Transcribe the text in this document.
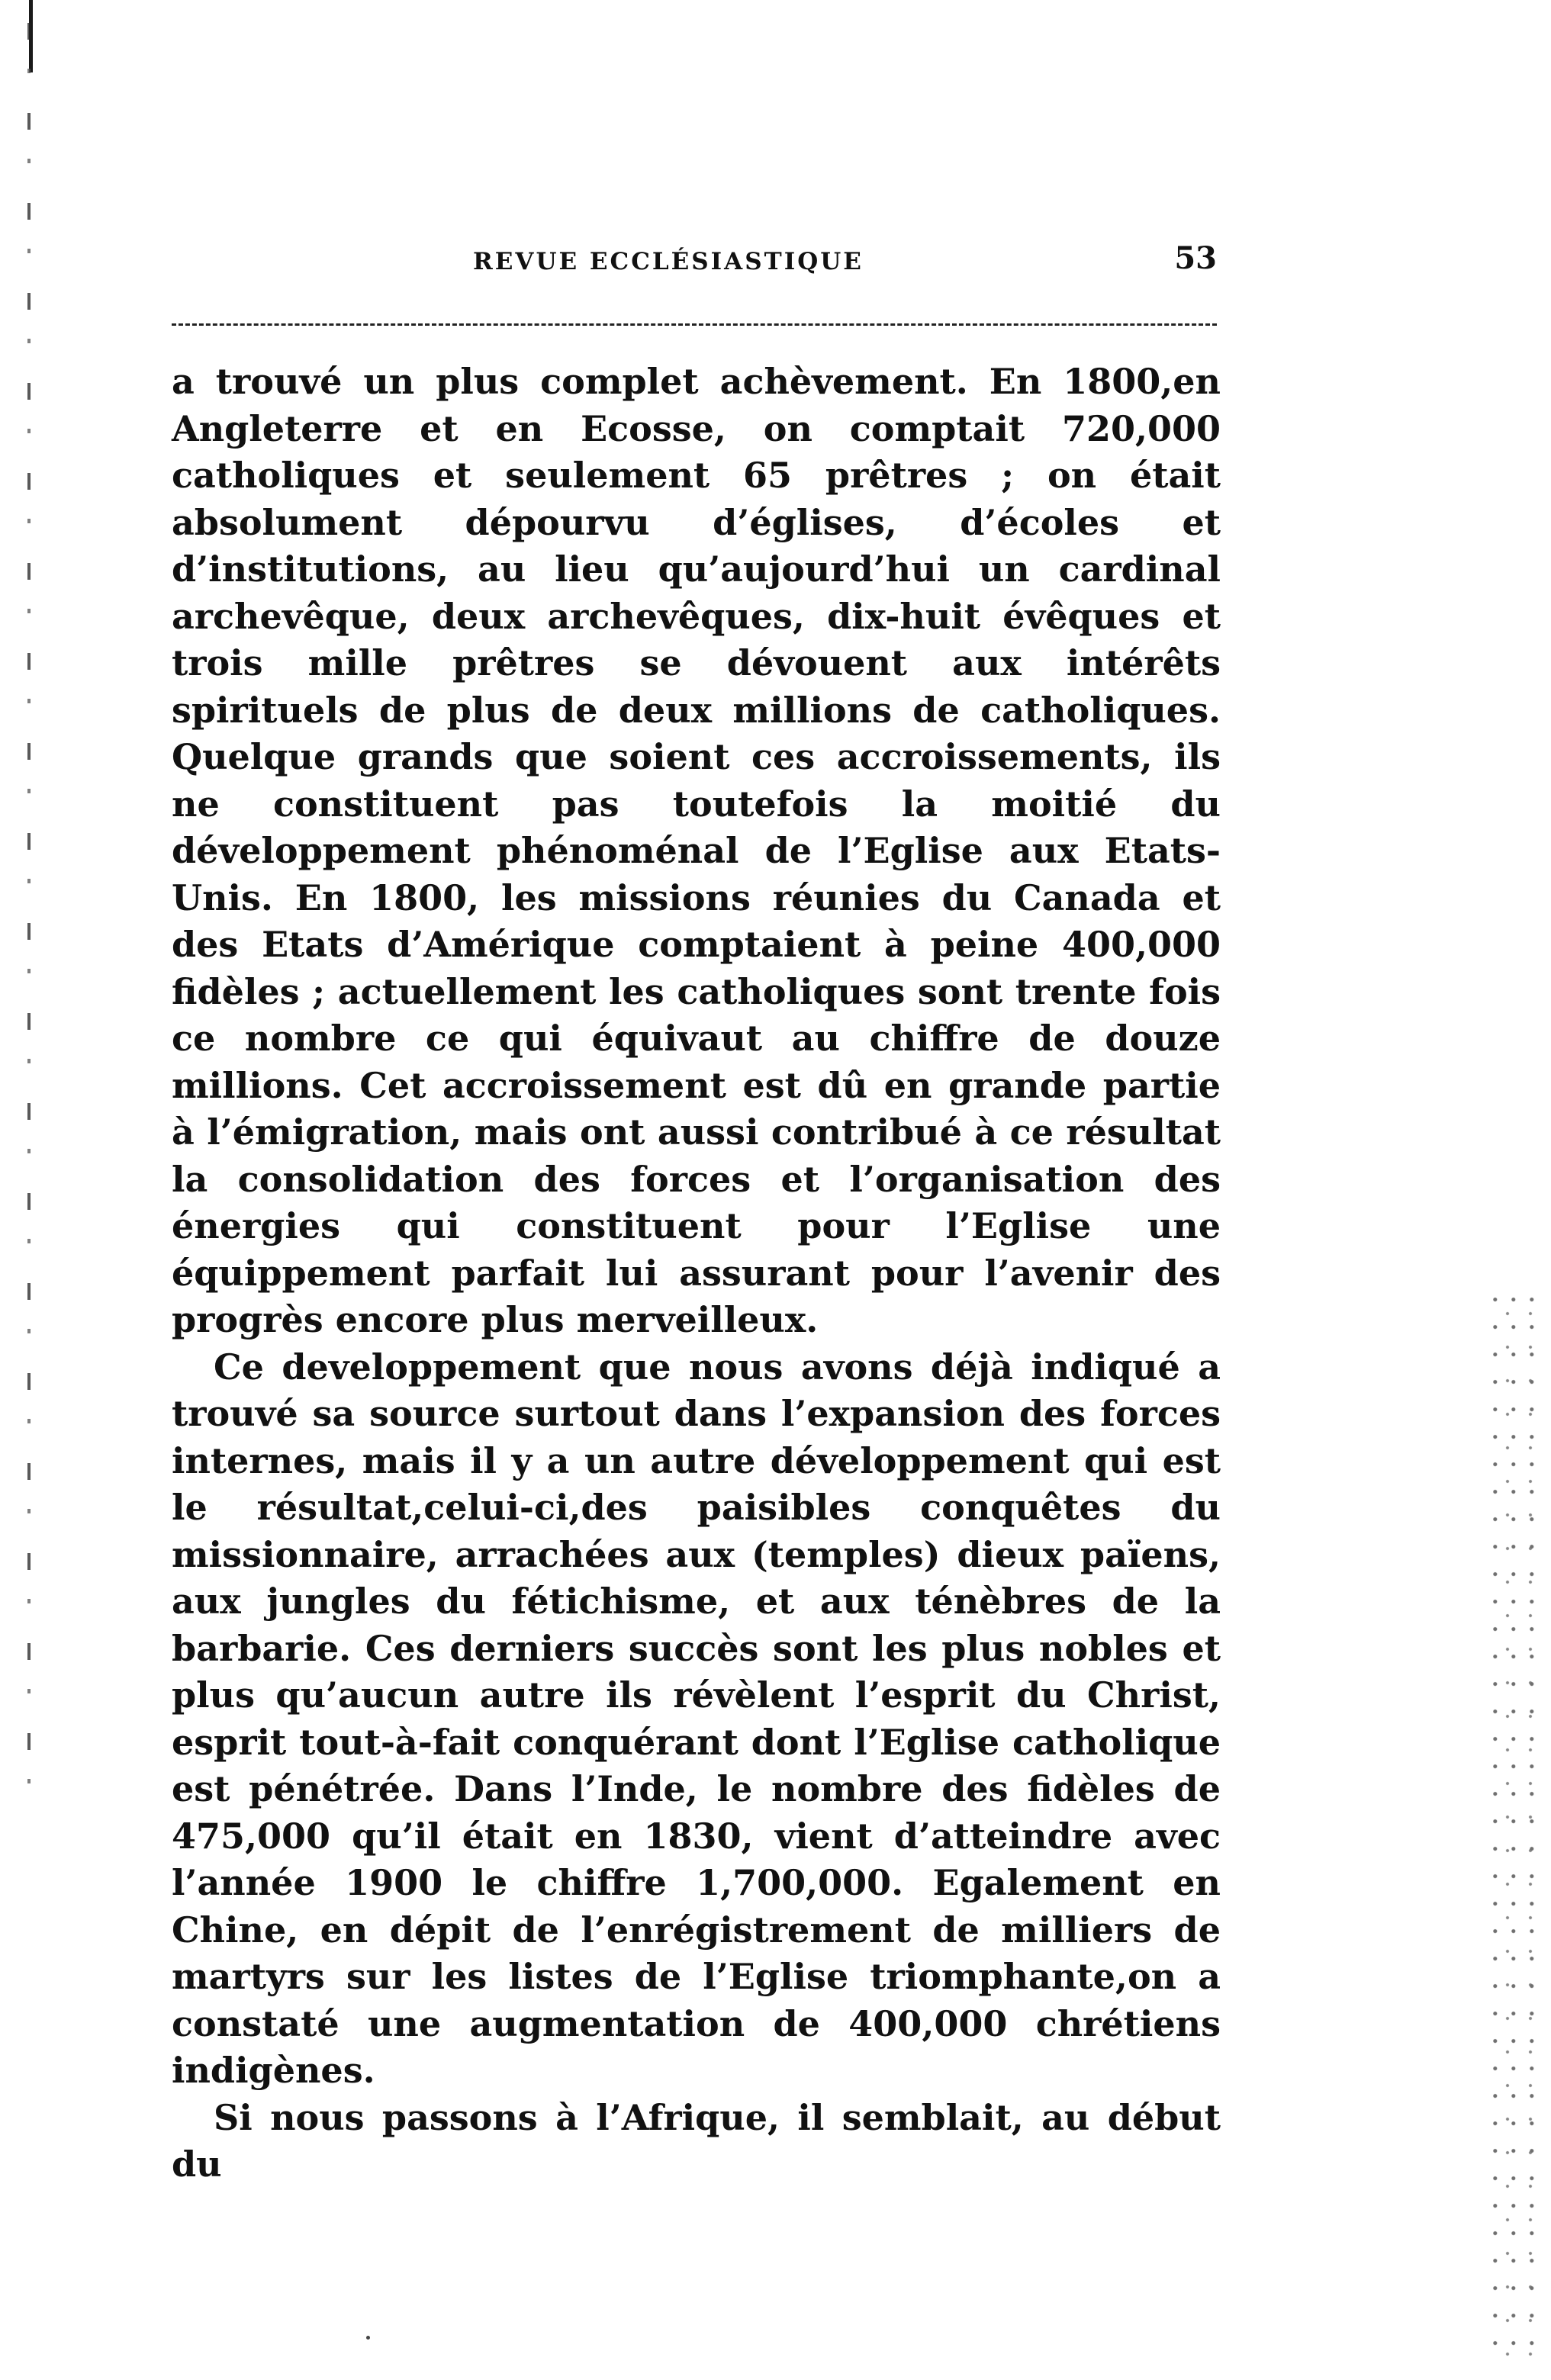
REVUE ECCLÉSIASTIQUE	53

a trouvé un plus complet achèvement. En 1800,en Angleterre et en Ecosse, on comptait 720,000 catholiques et seulement 65 prêtres ; on était absolument dépourvu d’églises, d’écoles et d’institutions, au lieu qu’aujourd’hui un cardinal archevêque, deux archevêques, dix-huit évêques et trois mille prêtres se dévouent aux intérêts spirituels de plus de deux millions de catholiques. Quelque grands que soient ces accroissements, ils ne constituent pas toutefois la moitié du développement phénoménal de l’Eglise aux Etats-Unis. En 1800, les missions réunies du Canada et des Etats d’Amérique comptaient à peine 400,000 fidèles ; actuellement les catholiques sont trente fois ce nombre ce qui équivaut au chiffre de douze millions. Cet accroissement est dû en grande partie à l’émigration, mais ont aussi contribué à ce résultat la consolidation des forces et l’organisation des énergies qui constituent pour l’Eglise une équippement parfait lui assurant pour l’avenir des progrès encore plus merveilleux.

Ce developpement que nous avons déjà indiqué a trouvé sa source surtout dans l’expansion des forces internes, mais il y a un autre développement qui est le résultat,celui-ci,des paisibles conquêtes du missionnaire, arrachées aux (temples) dieux païens, aux jungles du fétichisme, et aux ténèbres de la barbarie. Ces derniers succès sont les plus nobles et plus qu’aucun autre ils révèlent l’esprit du Christ, esprit tout-à-fait conquérant dont l’Eglise catholique est pénétrée. Dans l’Inde, le nombre des fidèles de 475,000 qu’il était en 1830, vient d’atteindre avec l’année 1900 le chiffre 1,700,000. Egalement en Chine, en dépit de l’enrégistrement de milliers de martyrs sur les listes de l’Eglise triomphante,on a constaté une augmentation de 400,000 chrétiens indigènes.

Si nous passons à l’Afrique, il semblait, au début du
